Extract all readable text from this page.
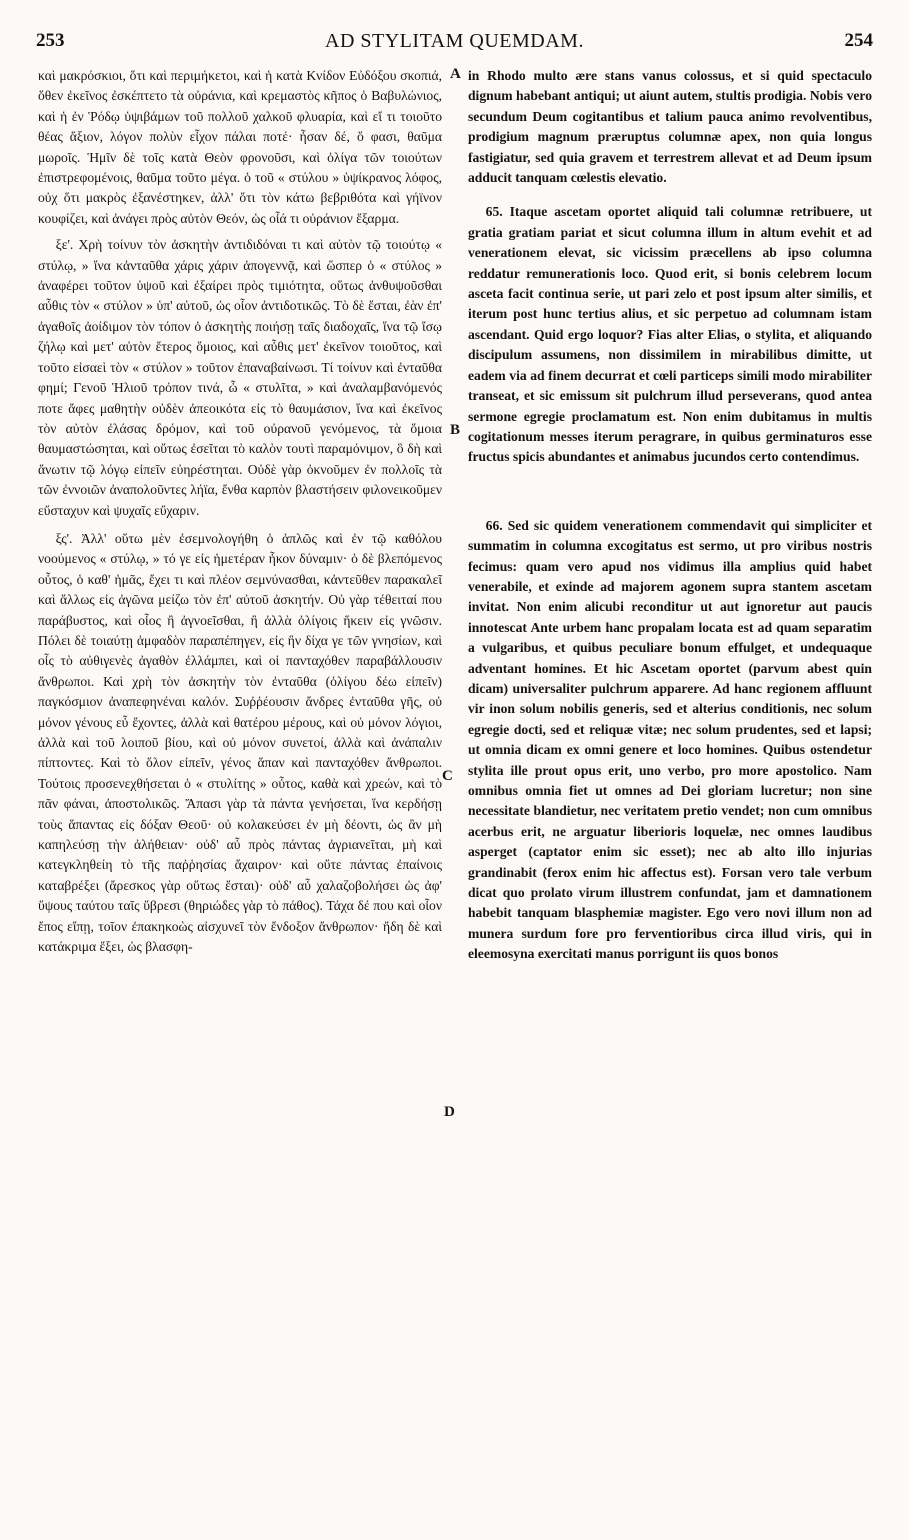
253	AD STYLITAM QUEMDAM.	254

καὶ μακρόσκιοι, ὅτι καὶ περιμήκετοι, καὶ ἡ κατὰ Κνίδον Εὐδόξου σκοπιά, ὅθεν ἐκεῖνος ἐσκέπτετο τὰ οὐράνια, καὶ κρεμαστὸς κῆπος ὁ Βαβυλώνιος, καὶ ἡ ἐν Ῥόδῳ ὑψιβάμων τοῦ πολλοῦ χαλκοῦ φλυαρία, καὶ εἴ τι τοιοῦτο θέας ἄξιον, λόγον πολὺν εἶχον πάλαι ποτέ· ἦσαν δέ, ὅ φασι, θαῦμα μωροῖς. Ἡμῖν δὲ τοῖς κατὰ Θεὸν φρονοῦσι, καὶ ὀλίγα τῶν τοιούτων ἐπιστρεφομένοις, θαῦμα τοῦτο μέγα. ὁ τοῦ « στύλου » ὑψίκρανος λόφος, οὐχ ὅτι μακρὸς ἐξανέστηκεν, ἀλλ' ὅτι τὸν κάτω βεβριθότα καὶ γήϊνον κουφίζει, καὶ ἀνάγει πρὸς αὐτὸν Θεόν, ὡς οἷά τι οὐράνιον ἔξαρμα.

ξε'. Χρὴ τοίνυν τὸν ἀσκητὴν ἀντιδιδόναι τι καὶ αὐτὸν τῷ τοιούτῳ « στύλῳ, » ἵνα κἀνταῦθα χάρις χάριν ἀπογεννᾷ, καὶ ὥσπερ ὁ « στύλος » ἀναφέρει τοῦτον ὑψοῦ καὶ ἐξαίρει πρὸς τιμιότητα, οὕτως ἀνθυψοῦσθαι αὖθις τὸν « στύλον » ὑπ' αὐτοῦ, ὡς οἷον ἀντιδοτικῶς. Τὸ δὲ ἔσται, ἐὰν ἐπ' ἀγαθοῖς ἀοίδιμον τὸν τόπον ὁ ἀσκητὴς ποιήσῃ ταῖς διαδοχαῖς, ἵνα τῷ ἴσῳ ζήλῳ καὶ μετ' αὐτὸν ἕτερος ὅμοιος, καὶ αὖθις μετ' ἐκεῖνον τοιοῦτος, καὶ τοῦτο εἰσαεὶ τὸν « στύλον » τοῦτον ἐπαναβαίνωσι. Τί τοίνυν καὶ ἐνταῦθα φημί; Γενοῦ Ἡλιοῦ τρόπον τινά, ὦ « στυλῖτα, » καὶ ἀναλαμβανόμενός ποτε ἄφες μαθητὴν οὐδὲν ἀπεοικότα εἰς τὸ θαυμάσιον, ἵνα καὶ ἐκεῖνος τὸν αὐτὸν ἐλάσας δρόμον, καὶ τοῦ οὐρανοῦ γενόμενος, τὰ ὅμοια θαυμαστώσηται, καὶ οὕτως ἐσεῖται τὸ καλὸν τουτὶ παραμόνιμον, ὃ δὴ καὶ ἄνωτιν τῷ λόγῳ εἰπεῖν εὐηρέστηται. Οὐδὲ γὰρ ὀκνοῦμεν ἐν πολλοῖς τὰ τῶν ἐννοιῶν ἀναπολοῦντες λήϊα, ἔνθα καρπὸν βλαστήσειν φιλονεικοῦμεν εὔσταχυν καὶ ψυχαῖς εὔχαριν.

ξς'. Ἀλλ' οὕτω μὲν ἐσεμνολογήθη ὁ ἁπλῶς καὶ ἐν τῷ καθόλου νοούμενος « στύλῳ, » τό γε εἰς ἡμετέραν ἧκον δύναμιν· ὁ δὲ βλεπόμενος οὗτος, ὁ καθ' ἡμᾶς, ἔχει τι καὶ πλέον σεμνύνασθαι, κἀντεῦθεν παρακαλεῖ καὶ ἄλλως εἰς ἀγῶνα μείζω τὸν ἐπ' αὐτοῦ ἀσκητήν. Οὐ γὰρ τέθειταί που παράβυστος, καὶ οἷος ἢ ἀγνοεῖσθαι, ἢ ἀλλὰ ὀλίγοις ἥκειν εἰς γνῶσιν. Πόλει δὲ τοιαύτῃ ἀμφαδὸν παραπέπηγεν, εἰς ἣν δίχα γε τῶν γνησίων, καὶ οἷς τὸ αὐθιγενὲς ἀγαθὸν ἐλλάμπει, καὶ οἱ πανταχόθεν παραβάλλουσιν ἄνθρωποι. Καὶ χρὴ τὸν ἀσκητὴν τὸν ἐνταῦθα (ὀλίγου δέω εἰπεῖν) παγκόσμιον ἀναπεφηνέναι καλόν. Συῤῥέουσιν ἄνδρες ἐνταῦθα γῆς, οὐ μόνον γένους εὖ ἔχοντες, ἀλλὰ καὶ θατέρου μέρους, καὶ οὐ μόνον λόγιοι, ἀλλὰ καὶ τοῦ λοιποῦ βίου, καὶ οὐ μόνον συνετοί, ἀλλὰ καὶ ἀνάπαλιν πίπτοντες. Καὶ τὸ ὅλον εἰπεῖν, γένος ἅπαν καὶ πανταχόθεν ἄνθρωποι. Τούτοις προσενεχθήσεται ὁ « στυλίτης » οὗτος, καθὰ καὶ χρεών, καὶ τὸ πᾶν φάναι, ἀποστολικῶς. Ἅπασι γὰρ τὰ πάντα γενήσεται, ἵνα κερδήσῃ τοὺς ἅπαντας εἰς δόξαν Θεοῦ· οὐ κολακεύσει ἐν μὴ δέοντι, ὡς ἂν μὴ καπηλεύσῃ τὴν ἀλήθειαν· οὐδ' αὖ πρὸς πάντας ἀγριανεῖται, μὴ καὶ κατεγκληθείη τὸ τῆς παῤῥησίας ἄχαιρον· καὶ οὔτε πάντας ἐπαίνοις καταβρέξει (ἄρεσκος γὰρ οὕτως ἔσται)· οὐδ' αὖ χαλαζοβολήσει ὡς ἀφ' ὕψους ταύτου ταῖς ὕβρεσι (θηριώδες γὰρ τὸ πάθος). Τάχα δέ που καὶ οἷον ἔπος εἴπῃ, τοῖον ἐπακηκοὼς αἰσχυνεῖ τὸν ἔνδοξον ἄνθρωπον· ἤδη δὲ καὶ κατάκριμα ἕξει, ὡς βλασφη-

A
B
C
D

in Rhodo multo ære stans vanus colossus, et si quid spectaculo dignum habebant antiqui; ut aiunt autem, stultis prodigia. Nobis vero secundum Deum cogitantibus et talium pauca animo revolventibus, prodigium magnum præruptus columnæ apex, non quia longus fastigiatur, sed quia gravem et terrestrem allevat et ad Deum ipsum adducit tanquam cœlestis elevatio.

65. Itaque ascetam oportet aliquid tali columnæ retribuere, ut gratia gratiam pariat et sicut columna illum in altum evehit et ad venerationem elevat, sic vicissim præcellens ab ipso columna reddatur remunerationis loco. Quod erit, si bonis celebrem locum asceta facit continua serie, ut pari zelo et post ipsum alter similis, et iterum post hunc tertius alius, et sic perpetuo ad columnam istam ascendant. Quid ergo loquor? Fias alter Elias, o stylita, et aliquando discipulum assumens, non dissimilem in mirabilibus dimitte, ut eadem via ad finem decurrat et cœli particeps simili modo mirabiliter transeat, et sic emissum sit pulchrum illud perseverans, quod antea sermone egregie proclamatum est. Non enim dubitamus in multis cogitationum messes iterum peragrare, in quibus germinaturos esse fructus spicis abundantes et animabus jucundos certo contendimus.

66. Sed sic quidem venerationem commendavit qui simpliciter et summatim in columna excogitatus est sermo, ut pro viribus nostris fecimus: quam vero apud nos vidimus illa amplius quid habet venerabile, et exinde ad majorem agonem supra stantem ascetam invitat. Non enim alicubi reconditur ut aut ignoretur aut paucis innotescat Ante urbem hanc propalam locata est ad quam separatim a vulgaribus, et quibus peculiare bonum effulget, et undequaque adventant homines. Et hic Ascetam oportet (parvum abest quin dicam) universaliter pulchrum apparere. Ad hanc regionem affluunt vir inon solum nobilis generis, sed et alterius conditionis, nec solum egregie docti, sed et reliquæ vitæ; nec solum prudentes, sed et lapsi; ut omnia dicam ex omni genere et loco homines. Quibus ostendetur stylita ille prout opus erit, uno verbo, pro more apostolico. Nam omnibus omnia fiet ut omnes ad Dei gloriam lucretur; non sine necessitate blandietur, nec veritatem pretio vendet; non cum omnibus acerbus erit, ne arguatur liberioris loquelæ, nec omnes laudibus asperget (captator enim sic esset); nec ab alto illo injurias grandinabit (ferox enim hic affectus est). Forsan vero tale verbum dicat quo prolato virum illustrem confundat, jam et damnationem habebit tanquam blasphemiæ magister. Ego vero novi illum non ad munera surdum fore pro ferventioribus circa illud viris, qui in eleemosyna exercitati manus porrigunt iis quos bonos
